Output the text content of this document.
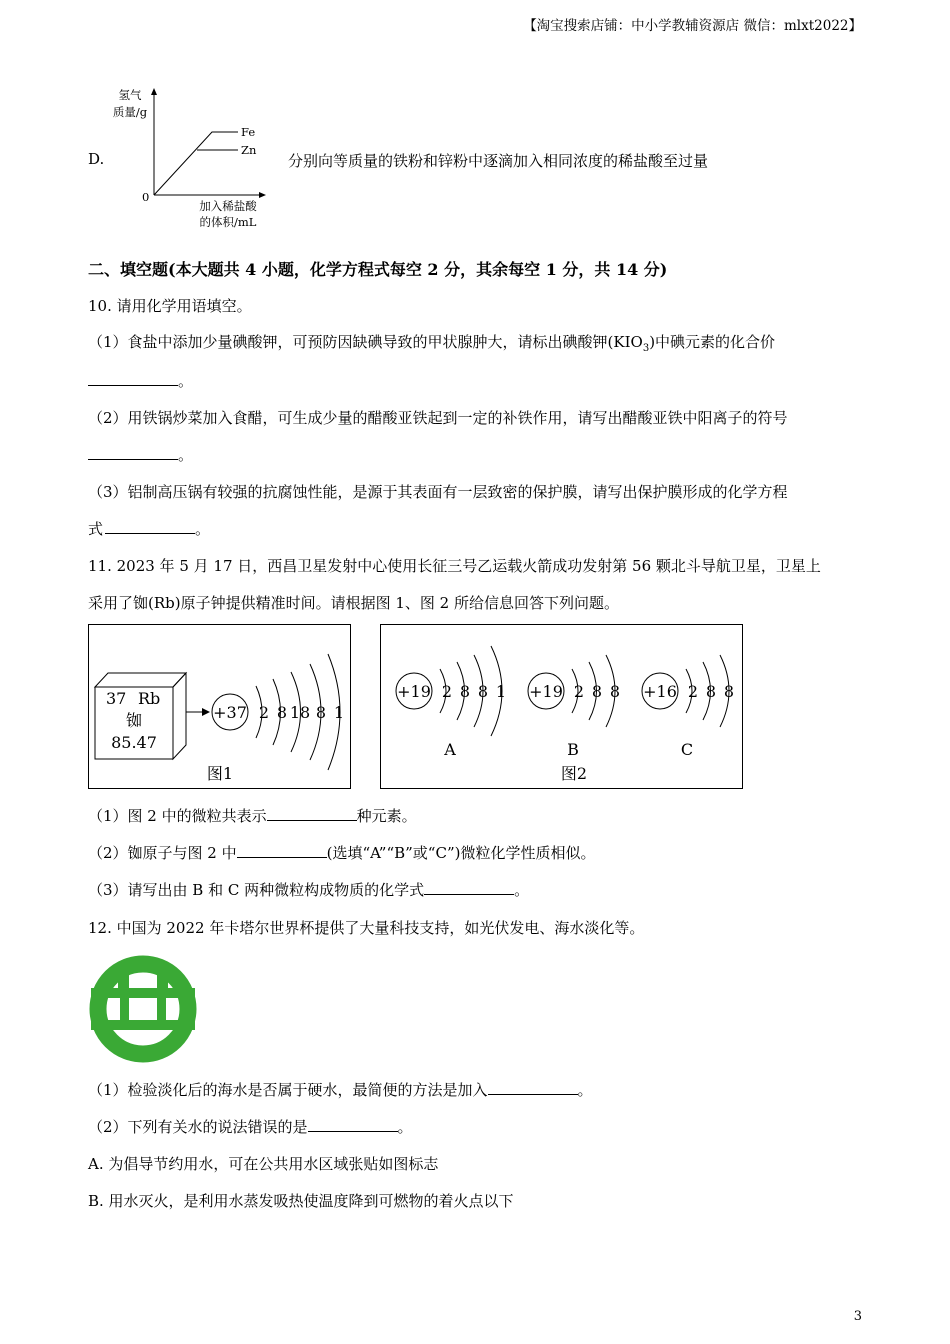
【淘宝搜索店铺：中小学教辅资源店 微信：mlxt2022】
D.
氢气
质量/g
0
Fe
Zn
加入稀盐酸
的体积/mL
分别向等质量的铁粉和锌粉中逐滴加入相同浓度的稀盐酸至过量
二、填空题(本大题共 4 小题，化学方程式每空 2 分，其余每空 1 分，共 14 分)
10. 请用化学用语填空。
（1）食盐中添加少量碘酸钾，可预防因缺碘导致的甲状腺肿大，请标出碘酸钾$(KIO_3)$中碘元素的化合价
。
（2）用铁锅炒菜加入食醋，可生成少量的醋酸亚铁起到一定的补铁作用，请写出醋酸亚铁中阳离子的符号
。
（3）铝制高压锅有较强的抗腐蚀性能，是源于其表面有一层致密的保护膜，请写出保护膜形成的化学方程
式	。
11. 2023 年 5 月 17 日，西昌卫星发射中心使用长征三号乙运载火箭成功发射第 56 颗北斗导航卫星，卫星上
采用了铷(Rb)原子钟提供精准时间。请根据图 1、图 2 所给信息回答下列问题。
37 Rb
铷
85.47
+37 2 8 18 8 1
图1
+19 2 8 8 1
A
+19 2 8 8
B
+16 2 8 8
C
图2
（1）图 2 中的微粒共表示	种元素。
（2）铷原子与图 2 中	(选填“A”“B”或“C”)微粒化学性质相似。
（3）请写出由 B 和 C 两种微粒构成物质的化学式	。
12. 中国为 2022 年卡塔尔世界杯提供了大量科技支持，如光伏发电、海水淡化等。
（1）检验淡化后的海水是否属于硬水，最简便的方法是加入	。
（2）下列有关水的说法错误的是	。
A. 为倡导节约用水，可在公共用水区域张贴如图标志
B. 用水灭火，是利用水蒸发吸热使温度降到可燃物的着火点以下
3
